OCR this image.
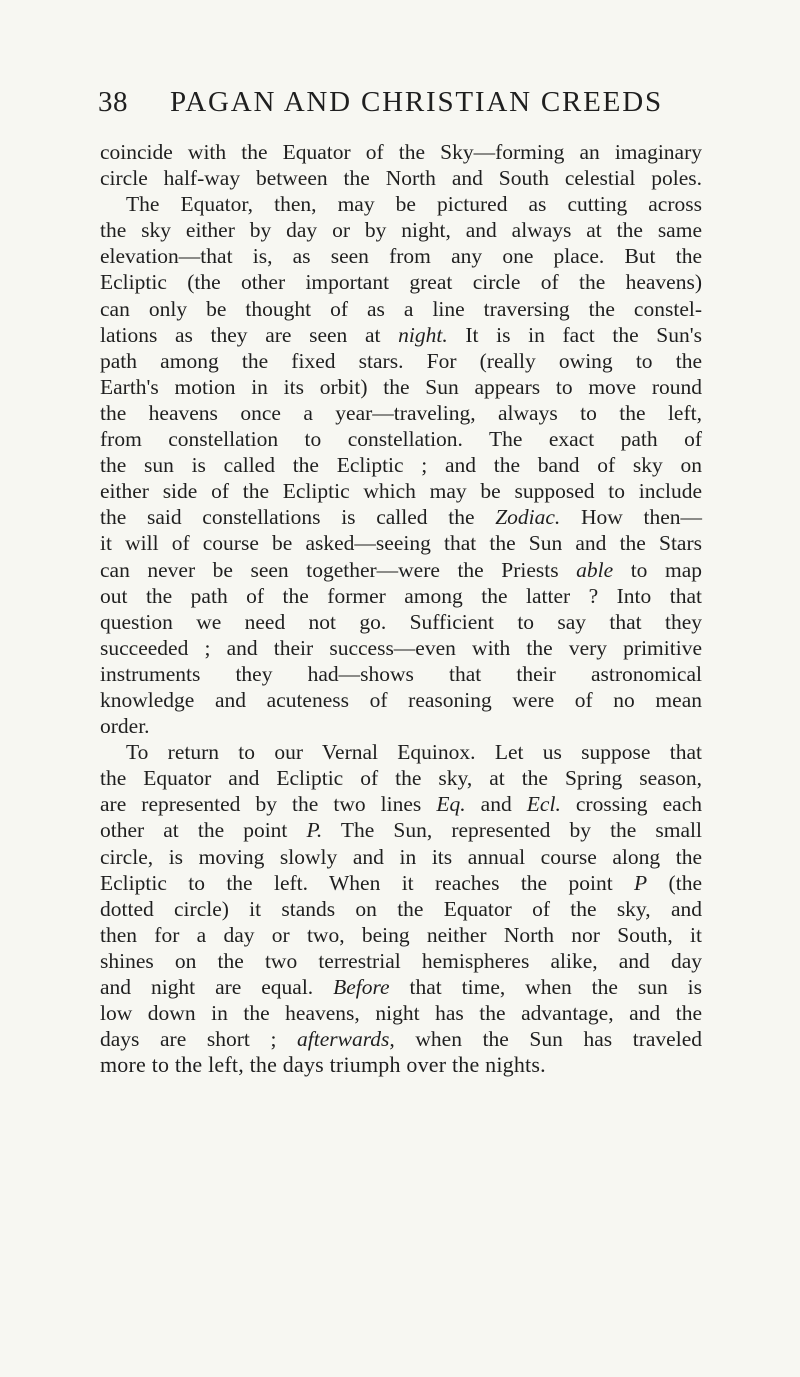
38 PAGAN AND CHRISTIAN CREEDS
coincide with the Equator of the Sky—forming an imaginary
circle half-way between the North and South celestial poles.
The Equator, then, may be pictured as cutting across
the sky either by day or by night, and always at the same
elevation—that is, as seen from any one place. But the
Ecliptic (the other important great circle of the heavens)
can only be thought of as a line traversing the constel-
lations as they are seen at night. It is in fact the Sun's
path among the fixed stars. For (really owing to the
Earth's motion in its orbit) the Sun appears to move round
the heavens once a year—traveling, always to the left,
from constellation to constellation. The exact path of
the sun is called the Ecliptic ; and the band of sky on
either side of the Ecliptic which may be supposed to include
the said constellations is called the Zodiac. How then—
it will of course be asked—seeing that the Sun and the Stars
can never be seen together—were the Priests able to map
out the path of the former among the latter ? Into that
question we need not go. Sufficient to say that they
succeeded ; and their success—even with the very primitive
instruments they had—shows that their astronomical
knowledge and acuteness of reasoning were of no mean
order.
To return to our Vernal Equinox. Let us suppose that
the Equator and Ecliptic of the sky, at the Spring season,
are represented by the two lines Eq. and Ecl. crossing each
other at the point P. The Sun, represented by the small
circle, is moving slowly and in its annual course along the
Ecliptic to the left. When it reaches the point P (the
dotted circle) it stands on the Equator of the sky, and
then for a day or two, being neither North nor South, it
shines on the two terrestrial hemispheres alike, and day
and night are equal. Before that time, when the sun is
low down in the heavens, night has the advantage, and the
days are short ; afterwards, when the Sun has traveled
more to the left, the days triumph over the nights.
